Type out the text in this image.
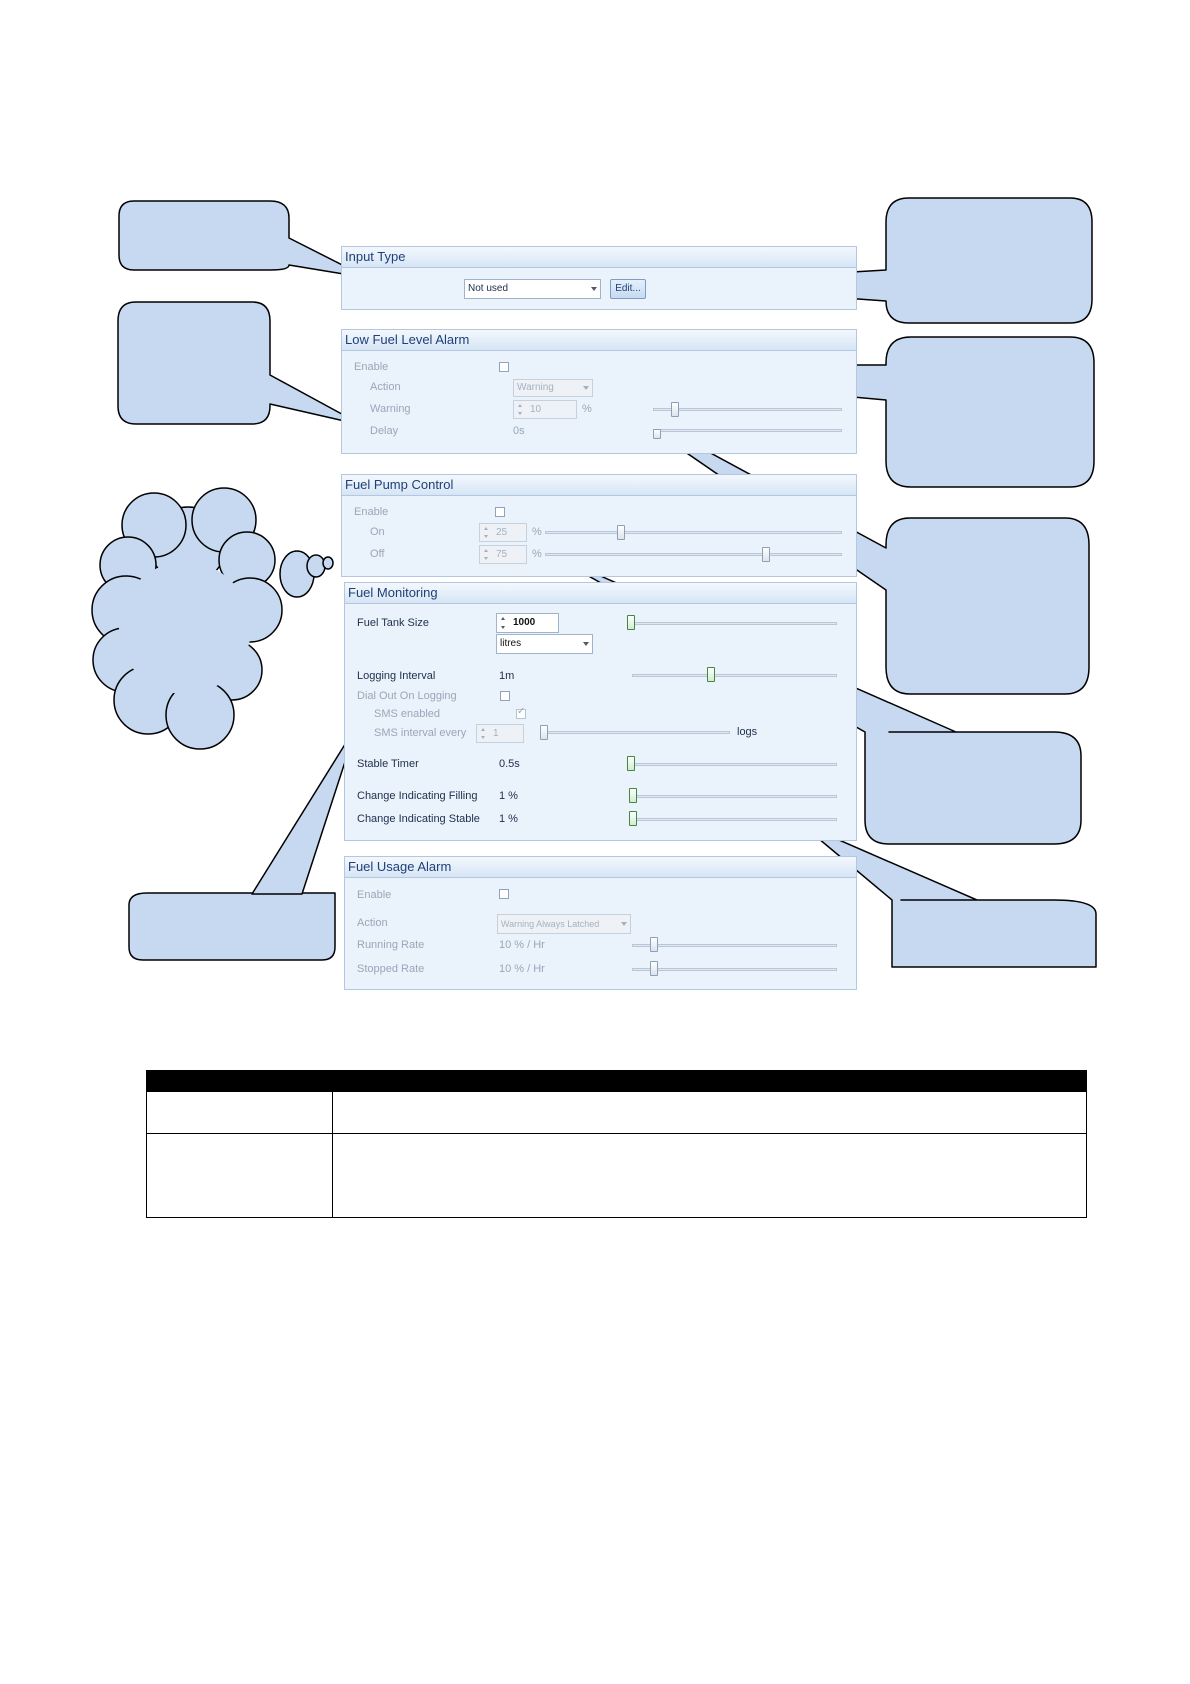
Input Type
Not used	Edit...
Low Fuel Level Alarm
Enable
Action	Warning
Warning	10	%
Delay	0s
Fuel Pump Control
Enable
On	25	%
Off	75	%
Fuel Monitoring
Fuel Tank Size	1000
litres
Logging Interval	1m
Dial Out On Logging
SMS enabled
✓
SMS interval every	1	logs
Stable Timer	0.5s
Change Indicating Filling 1 %
Change Indicating Stable 1 %
Fuel Usage Alarm
Enable
Action	Warning Always Latched
Running Rate	10 % / Hr
Stopped Rate	10 % / Hr
